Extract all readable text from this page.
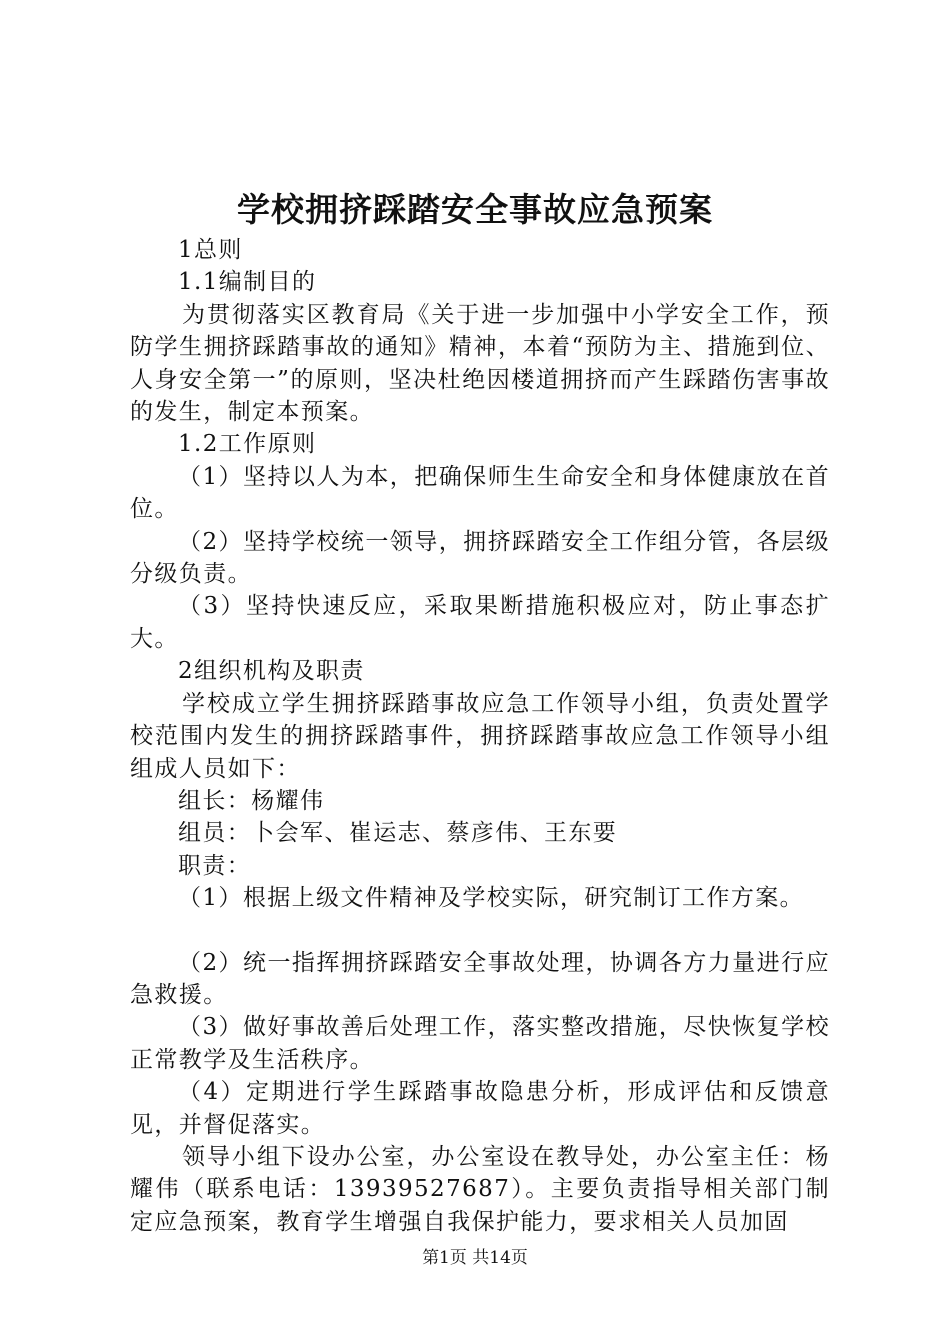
学校拥挤踩踏安全事故应急预案

1总则

1.1编制目的

为贯彻落实区教育局《关于进一步加强中小学安全工作，预防学生拥挤踩踏事故的通知》精神，本着“预防为主、措施到位、人身安全第一”的原则，坚决杜绝因楼道拥挤而产生踩踏伤害事故的发生，制定本预案。

1.2工作原则

（1）坚持以人为本，把确保师生生命安全和身体健康放在首位。

（2）坚持学校统一领导，拥挤踩踏安全工作组分管，各层级分级负责。

（3）坚持快速反应，采取果断措施积极应对，防止事态扩大。

2组织机构及职责

学校成立学生拥挤踩踏事故应急工作领导小组，负责处置学校范围内发生的拥挤踩踏事件，拥挤踩踏事故应急工作领导小组组成人员如下：

组长：杨耀伟

组员：卜会军、崔运志、蔡彦伟、王东要

职责：

（1）根据上级文件精神及学校实际，研究制订工作方案。

（2）统一指挥拥挤踩踏安全事故处理，协调各方力量进行应急救援。

（3）做好事故善后处理工作，落实整改措施，尽快恢复学校正常教学及生活秩序。

（4）定期进行学生踩踏事故隐患分析，形成评估和反馈意见，并督促落实。

领导小组下设办公室，办公室设在教导处，办公室主任：杨耀伟（联系电话：13939527687）。主要负责指导相关部门制定应急预案，教育学生增强自我保护能力，要求相关人员加固

第1页 共14页
